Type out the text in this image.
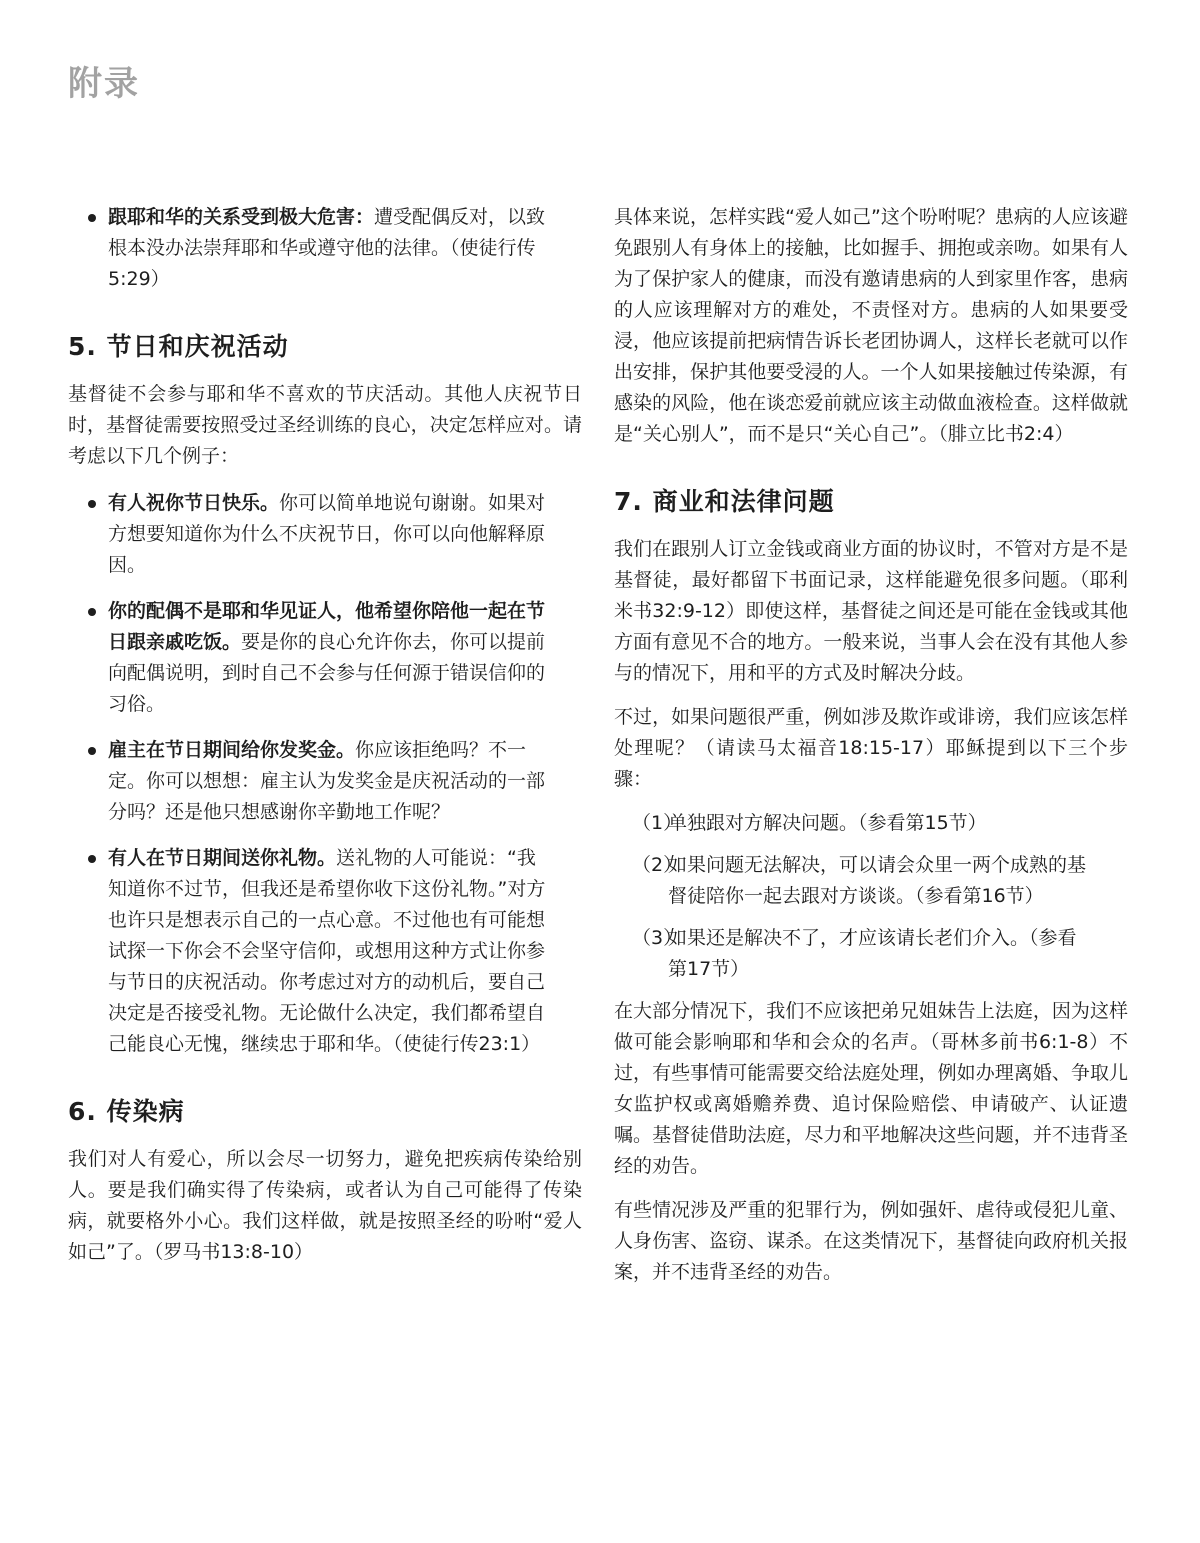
附录
跟耶和华的关系受到极大危害：遭受配偶反对，以致根本没办法崇拜耶和华或遵守他的法律。（使徒行传5:29）
5. 节日和庆祝活动

基督徒不会参与耶和华不喜欢的节庆活动。其他人庆祝节日时，基督徒需要按照受过圣经训练的良心，决定怎样应对。请考虑以下几个例子：

有人祝你节日快乐。你可以简单地说句谢谢。如果对方想要知道你为什么不庆祝节日，你可以向他解释原因。
你的配偶不是耶和华见证人，他希望你陪他一起在节日跟亲戚吃饭。要是你的良心允许你去，你可以提前向配偶说明，到时自己不会参与任何源于错误信仰的习俗。
雇主在节日期间给你发奖金。你应该拒绝吗？不一定。你可以想想：雇主认为发奖金是庆祝活动的一部分吗？还是他只想感谢你辛勤地工作呢？
有人在节日期间送你礼物。送礼物的人可能说：“我知道你不过节，但我还是希望你收下这份礼物。”对方也许只是想表示自己的一点心意。不过他也有可能想试探一下你会不会坚守信仰，或想用这种方式让你参与节日的庆祝活动。你考虑过对方的动机后，要自己决定是否接受礼物。无论做什么决定，我们都希望自己能良心无愧，继续忠于耶和华。（使徒行传23:1）
6. 传染病

我们对人有爱心，所以会尽一切努力，避免把疾病传染给别人。要是我们确实得了传染病，或者认为自己可能得了传染病，就要格外小心。我们这样做，就是按照圣经的吩咐“爱人如己”了。（罗马书13:8-10）

具体来说，怎样实践“爱人如己”这个吩咐呢？患病的人应该避免跟别人有身体上的接触，比如握手、拥抱或亲吻。如果有人为了保护家人的健康，而没有邀请患病的人到家里作客，患病的人应该理解对方的难处，不责怪对方。患病的人如果要受浸，他应该提前把病情告诉长老团协调人，这样长老就可以作出安排，保护其他要受浸的人。一个人如果接触过传染源，有感染的风险，他在谈恋爱前就应该主动做血液检查。这样做就是“关心别人”，而不是只“关心自己”。（腓立比书2:4）

7. 商业和法律问题

我们在跟别人订立金钱或商业方面的协议时，不管对方是不是基督徒，最好都留下书面记录，这样能避免很多问题。（耶利米书32:9-12）即使这样，基督徒之间还是可能在金钱或其他方面有意见不合的地方。一般来说，当事人会在没有其他人参与的情况下，用和平的方式及时解决分歧。

不过，如果问题很严重，例如涉及欺诈或诽谤，我们应该怎样处理呢？（请读马太福音18:15-17）耶稣提到以下三个步骤：

（1）
单独跟对方解决问题。（参看第15节）
（2）
如果问题无法解决，可以请会众里一两个成熟的基督徒陪你一起去跟对方谈谈。（参看第16节）
（3）
如果还是解决不了，才应该请长老们介入。（参看第17节）

在大部分情况下，我们不应该把弟兄姐妹告上法庭，因为这样做可能会影响耶和华和会众的名声。（哥林多前书6:1-8）不过，有些事情可能需要交给法庭处理，例如办理离婚、争取儿女监护权或离婚赡养费、追讨保险赔偿、申请破产、认证遗嘱。基督徒借助法庭，尽力和平地解决这些问题，并不违背圣经的劝告。

有些情况涉及严重的犯罪行为，例如强奸、虐待或侵犯儿童、人身伤害、盗窃、谋杀。在这类情况下，基督徒向政府机关报案，并不违背圣经的劝告。
